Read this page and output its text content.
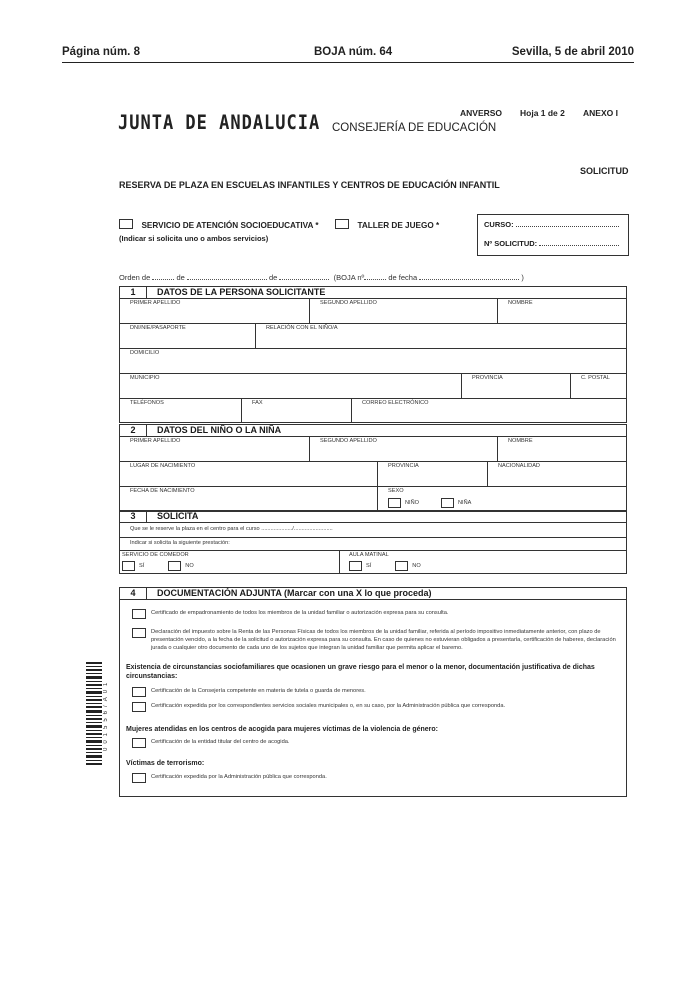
Página núm. 8	BOJA núm. 64	Sevilla, 5 de abril 2010
JUNTA DE ANDALUCIA CONSEJERÍA DE EDUCACIÓN
ANVERSO Hoja 1 de 2 ANEXO I
SOLICITUD
RESERVA DE PLAZA EN ESCUELAS INFANTILES Y CENTROS DE EDUCACIÓN INFANTIL
SERVICIO DE ATENCIÓN SOCIOEDUCATIVA *	TALLER DE JUEGO *
(Indicar si solicita uno o ambos servicios)
CURSO:
Nº SOLICITUD:
Orden de	de	de	(BOJA nº	de fecha	)
1	DATOS DE LA PERSONA SOLICITANTE
PRIMER APELLIDO	SEGUNDO APELLIDO	NOMBRE
DNI/NIE/PASAPORTE	RELACIÓN CON EL NIÑO/A
DOMICILIO
MUNICIPIO	PROVINCIA	C. POSTAL
TELÉFONOS	FAX	CORREO ELECTRÓNICO
2	DATOS DEL NIÑO O LA NIÑA
PRIMER APELLIDO	SEGUNDO APELLIDO	NOMBRE
LUGAR DE NACIMIENTO	PROVINCIA	NACIONALIDAD
FECHA DE NACIMIENTO	SEXO
NIÑO	NIÑA
3	SOLICITA
Que se le reserve la plaza en el centro para el curso ..................../.........................
Indicar si solicita la siguiente prestación:
SERVICIO DE COMEDOR
SÍ	NO
AULA MATINAL
SÍ	NO
4	DOCUMENTACIÓN ADJUNTA (Marcar con una X lo que proceda)
Certificado de empadronamiento de todos los miembros de la unidad familiar o autorización expresa para su consulta.
Declaración del impuesto sobre la Renta de las Personas Físicas de todos los miembros de la unidad familiar, referida al período impositivo inmediatamente anterior, con plazo de presentación vencido, a la fecha de la solicitud o autorización expresa para su consulta. En caso de quienes no estuvieran obligados a presentarla, certificación de haberes, declaración jurada o cualquier otro documento de cada uno de los sujetos que integran la unidad familiar que permita aplicar el baremo.
Existencia de circunstancias sociofamiliares que ocasionen un grave riesgo para el menor o la menor, documentación justificativa de dichas circunstancias:
Certificación de la Consejería competente en materia de tutela o guarda de menores.
Certificación expedida por los correspondientes servicios sociales municipales o, en su caso, por la Administración pública que corresponda.
Mujeres atendidas en los centros de acogida para mujeres víctimas de la violencia de género:
Certificación de la entidad titular del centro de acogida.
Víctimas de terrorismo:
Certificación expedida por la Administración pública que corresponda.
001556/A01
